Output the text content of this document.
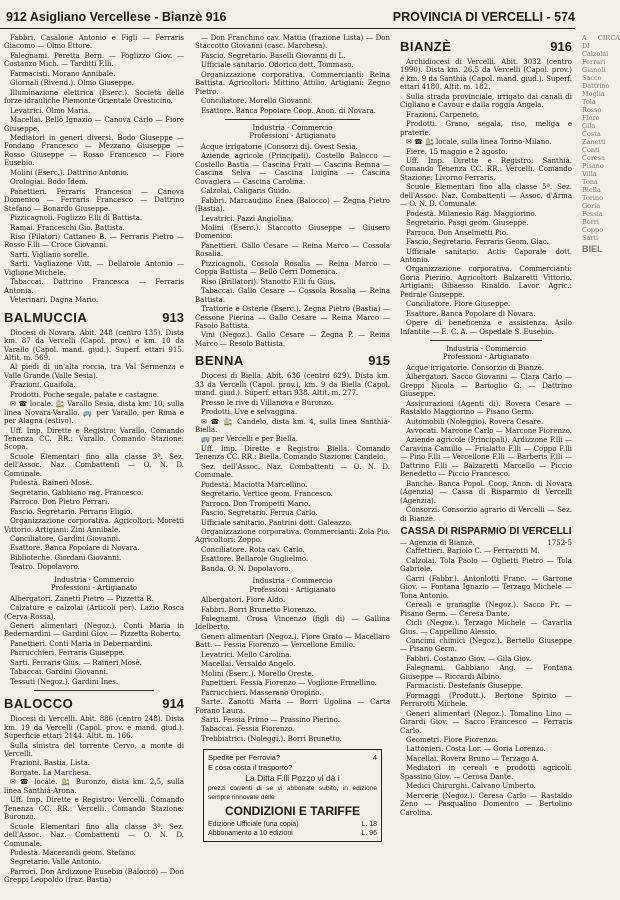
912 Asigliano Vercellese - Bianzè 916	PROVINCIA DI VERCELLI - 574

Fabbri. Casalone Antonio e Figli — Ferraris Giacomo — Olmo Ettore.

Falegnami. Peretta Bern. — Foglizzo Giov. — Costanzo Mich. — Tarditti F.lli.

Farmacisti. Morano Annibale.

Giornali (Rivend.). Olmo Giuseppe.

Illuminazione elettrica (Eserc.). Società delle forze idrauliche Piemonte Orientale Ovesticino.

Levatrici. Olmo Maria.

Macellai. Bellò Ignazio — Canova Carlo — Fiore Giuseppe.

Mediatori in generi diversi. Bodo Giuseppe — Fondano Francesco — Mezzano Giuseppe — Rosso Giuseppe — Rosso Francesco — Fiore Eusebio.

Molini (Eserc.). Dattrino Antonio.

Orologiai. Bodo Idem.

Panettieri. Ferraris Francesca — Canova Domenico — Ferraris Francesco — Dattrino Stefano — Bonardo Giuseppe.

Pizzicagnoli. Foglizzo F.lli di Battista.

Ramai. Franceschi Gio. Battista.

Riso (Pilatori) Cattaneo B. — Ferraris Pietro — Rosso F.lli — Croce Giovanni.

Sarti. Vigliano sorelle.

Sarti. Vagliazone Vitt. — Dellarole Antonio — Viglione Michele.

Tabaccai. Dattrino Francesca — Ferraris Antonia.

Veterinari. Dagna Mario.

BALMUCCIA	913

Diocesi di Novara. Abit. 248 (centro 135). Dista km. 87 da Vercelli (Capol. prov.) e km. 10 da Varallo (Capol. mand. giud.). Superf. ettari 915. Altit. m. 569.

Al piedi di un'alta roccia, tra Val Sermenza e Valle Grande (Valle Sesia).

Frazioni. Guaifola.

Prodotti. Poche segale, patate e castagne.

✉ ☎ locale. 🚉 Varallo Sesia, dista km. 10, sulla linea Novara-Varallo. 🚌 per Varallo, per Rima e per Alagna (estivo).

Uff. Imp. Dirette e Registro: Varallo. Comando Tenenza CC. RR.: Varallo. Comando Stazione: Scopa.

Scuole Elementari fino alla classe 3ª. Sez. dell'Assoc. Naz. Combattenti — O. N. D. Comunale.

Podestà. Rainerì Mosè.

Segretario. Gabbiano rag. Francesco.

Parroco. Don Pietro Ferrari.

Fascio. Segretario. Ferraris Eligio.

Organizzazione corporativa. Agricoltori: Moretti Vittorio. Artigiani: Zini Annibale.

Conciliatore. Gardini Giovanni.

Esattore. Banca Popolare di Novara.

Biblioteche. Giordani Giovanni.

Teatro. Dopolavoro.

Industria - Commercio
Professioni - Artigianato

Albergatori. Zanetti Pietro — Pizzetta R.

Calzature e calzolai (Articoli per). Lazio Rosca (Cerva Rossa).

Generi alimentari (Negoz.). Conti Maria in Bedernardini — Gardini Giov. — Pizzetta Roberto.

Panettieri. Conti Maria in Debernardini.

Parrucchieri. Ferraris Giuseppe.

Sarti. Ferraris Gius. — Raineri Mosè.

Tabaccai. Gardini Giovanni.

Tessuti (Negoz.). Gardini Ines.

BALOCCO	914

Diocesi di Vercelli. Abit. 886 (centro 248). Dista km. 19 da Vercelli (Capol. prov. e mand. giud.). Superficie ettari 2144. Altit. m. 166.

Sulla sinistra del torrente Cervo, a monte di Vercelli.

Frazioni. Bastia, Lista.

Borgate. La Marchesa.

✉ ☎ locale. 🚉 Buronzo, dista km. 2,5, sulla linea Santhià-Arona.

Uff. Imp. Dirette e Registro: Vercelli. Comando Tenenza CC. RR.: Vercelli. Comando Stazione: Buronzo.

Scuole Elementari fino alla classe 3ª. Sez. dell'Assoc. Naz. Combattenti — O. N. D. Comunale.

Podestà. Macerandi geom. Stefano.

Segretario. Valle Antonio.

Parroci. Don Ardizzone Eusebio (Balocco) — Don Greppi Leopoldo (fraz. Bastia)

— Don Franchino cav. Mattia (frazione Lista) — Don Staccotto Giovanni (casc. Marchesa).

Fascio. Segretario. Baselli Giovanni di L.

Ufficiale sanitario. Odorico dott. Tommaso.

Organizzazione corporativa. Commercianti: Reina Battista. Agricoltori: Mittino Attilio. Artigiani: Zegno Pietro.

Conciliatore. Morello Giovanni.

Esattore. Banca Popolare Coop. Anon. di Novara.

Industria - Commercio
Professioni - Artigianato

Acque irrigatorie (Consorzi di). Ovest Sesia.

Aziende agricole (Principali). Costello Balocco — Costello Bastia — Cascina Frati — Cascina Remna — Cascina Selva — Cascina Luigina — Cascina Covaglera — Cascina Carolina.

Calzolai. Caligaris Guido.

Fabbri. Marcaudino Enea (Balocco) — Zegna Pietro (Bastia).

Levatrici. Pazzi Angiolina.

Molini (Eserc.). Staccotto Giuseppe — Giusero Domenico.

Panettieri. Gallo Cesare — Reina Marco — Cossola Rosalia.

Pizzicagnoli. Cossola Rosalia — Reina Marco — Coppa Battista — Bellò Cerri Domenica.

Riso (Brillatori). Stanotto F.lli fu Gius.

Tabaccai. Gallo Cesare — Cossola Rosalia — Reina Battista.

Trattorie e Osterie (Eserc.). Zegna Pietro (Bastia) — Cessone Pierina — Gallo Cesare — Reina Marco — Fasolo Battista.

Vini (Negoz.). Gallo Cesare — Zegna P. — Reina Marco — Resolo Battista.

BENNA	915

Diocesi di Biella. Abit. 636 (centro 629). Dista km. 33 da Vercelli (Capol. prov.), km. 9 da Biella (Capol. mand. giud.). Superf. ettari 938. Altit. m. 277.

Presso le rive di Villanova e Buronzo.

Prodotti. Uve e selvaggina.

✉ ☎ 🚉 Candelo, dista km. 4, sulla linea Santhià-Biella.

🚌 per Vercelli e per Biella.

Uff. Imp. Dirette e Registro: Biella. Comando Tenenza CC. RR.: Biella. Comando Stazione: Candelo.

Sez. dell'Assoc. Naz. Combattenti — O. N. D. Comunale.

Podestà. Maciotta Marcellino.

Segretario. Vertice geom. Francesco.

Parroco. Don Trompetti Mario.

Fascio. Segretario. Ferrua Carlo.

Ufficiale sanitario. Pantrini dott. Galeazzo.

Organizzazione corporativa. Commercianti: Zola Pio. Agricoltori: Zoppo.

Conciliatore. Rota cav. Carlo.

Esattore. Bellarole Guglielmo.

Banda. O. N. Dopolavoro.

Industria - Commercio
Professioni - Artigianato

Albergatori. Fiore Aldo.

Fabbri. Borri Brunetto Fiorenzo.

Falegnami. Crosa Vincenzo (figli di) — Gallina Idelberto.

Generi alimentari (Negoz.). Fiore Grato — Macellaro Batt. — Fessia Fiorenzo — Vercellone Emilio.

Levatrici. Mello Carolina.

Macellai. Versaldo Angelo.

Molini (Eserc.). Morello Oreste.

Panettieri. Fessia Fiorenzo — Voglione Ermellino.

Parrucchieri. Masserano Oropino.

Sarte. Zanotti Maria — Borri Ugolina — Carta Forano Laura.

Sarti. Fessia Primo — Prassino Pierino.

Tabaccai. Fessia Fiorenzo.

Trebbiatrici. (Noleggi.). Borri Brunetto.

Spedite per Ferrovia?	4
E cosa costa il trasporto?
La Ditta F.lli Pozzo vi dà i
prezzi correnti di se vi abbonate subito, in edizione sempre rinnovate delle
CONDIZIONI E TARIFFE
Edizione Ufficiale (una copia)	L. 18
Abbonamento a 10 edizioni	L. 96
BIANZÈ	916

Archidiocesi di Vercelli. Abit. 3032 (centro 1990). Dista km. 26,5 da Vercelli (Capol. prov.) e km. 9 da Santhià (Capol. mand. giud.). Superf. ettari 4180. Altit. m. 182.

Sulla strada provinciale, irrigato dai canali di Cigliano e Cavour e dalla roggia Angela.

Frazioni. Carpeneto.

Prodotti. Grano, segala, riso, meliga e praterie.

✉ ☎ 🚉 locale, sulla linea Torino-Milano.

Fiere. 15 maggio e 2 agosto.

Uff. Imp. Dirette e Registro: Santhià. Comando Tenenza CC. RR.: Vercelli. Comando Stazione: Livorno Ferraris.

Scuole Elementari fino alla classe 5ª. Sez. dell'Assoc. Naz. Combattenti — Assoc. d'Arma — O. N. D. Comunale.

Podestà. Milanesio Rag. Maggiorino.

Segretario. Pasgi geom. Giuseppe.

Parroco. Don Anselmetti Pio.

Fascio. Segretario. Ferraris Geom. Giac.

Ufficiale sanitario. Actis Caporale dott. Antonio.

Organizzazione corporativa. Commercianti: Goria Pierino. Agricoltori: Balzaretti Vittorio. Artigiani: Gibaesso Rinaldo. Lavor. Agric.: Pedrale Giuseppe.

Conciliatore. Fiore Giuseppe.

Esattore. Banca Popolare di Novara.

Opere di beneficenza e assistenza. Asilo Infantile — E. C. A. — Ospedale S. Eusebio.

Industria - Commercio
Professioni - Artigianato

Acque irrigatorie. Consorzio di Bianzè.

Albergatori. Sacco Giovanni — Clara Carlo — Greppi Nicola — Barioglio G. — Dattrino Giuseppe.

Assicurazioni (Agenti di). Rovera Cesare — Rastaldo Maggiorino — Pisano Germ.

Automobili (Noleggio). Rovera Cesare.

Avvocati. Marcone Carlo — Marcone Fiorenzo.

Aziende agricole (Principali). Ardizzone F.lli — Caravina Camillo — Frialatto F.lli — Coppo F.lli — Pino F.lli — Vercellone F.lli — Barberis F.lli — Dattrino F.lli — Balzaretti Marcello — Piccio Benedetto — Piccio Francesco.

Banche. Banca Popol. Coop. Anon. di Novara (Agenzia) — Cassa di Risparmio di Vercelli (Agenzia).

Consorzi. Consorzio agrario di Vercelli — Sez. di Bianzè.

CASSA DI RISPARMIO DI VERCELLI
— Agenzia di Bianzè.	1752-5

Caffettieri. Bariolo C. — Ferrarotti M.

Calzolai. Tola Paolo — Oglietti Pietro — Tola Gabriele.

Carri (Fabbr.). Antonlotti Franc. — Garrone Giov. — Fontana Ignazio — Terzago Michele — Tona Antonio.

Cereali e granaglie (Negoz.). Sacco Fr. — Pisano Germ. — Ceresa Dante.

Cicli (Negoz.). Terzago Michele — Cavarlia Gius. — Cappellino Alessio.

Concimi chimici (Negoz.). Bertello Giuseppe — Pisano Germ.

Fabbri. Costanzo Giov. — Gila Giov.

Falegnami. Gabbiano Ang. — Fontana Giuseppe — Riccardi Albino.

Farmacisti. Destefanis Giuseppe.

Formaggi (Produtt.). Bertone Spirito — Ferrarotti Michele.

Generi alimentari (Negoz.). Tomalino Lino — Girardi Giov. — Sacco Francesco — Ferraris Carlo.

Geometri. Fiore Fiorenzo.

Lattonieri. Costa Lor. — Goria Lorenzo.

Macellai. Rovera Bruno — Terzago A.

Mediatori in cereali e prodotti agricoli. Spassino Giov. — Cerosa Dante.

Medici Chirurghi. Calvano Umberto.

Mercerie (Negoz.). Ceresa Carlo — Rastaldo Zeno — Pasqualino Domenico — Bertolino Carolina.

A CIRCA DI
Calzolai
Ferrari
Gianoli
Sacco
Dattrino
Moglia
Tola
Rosso
Fiore
Gila
Costa
Zanetti
Conti
Ceresa
Pisano
Villa
Tona
Biella
Torino
Goria
Fessia
Borri
Coppo
Sarti
BIEL
